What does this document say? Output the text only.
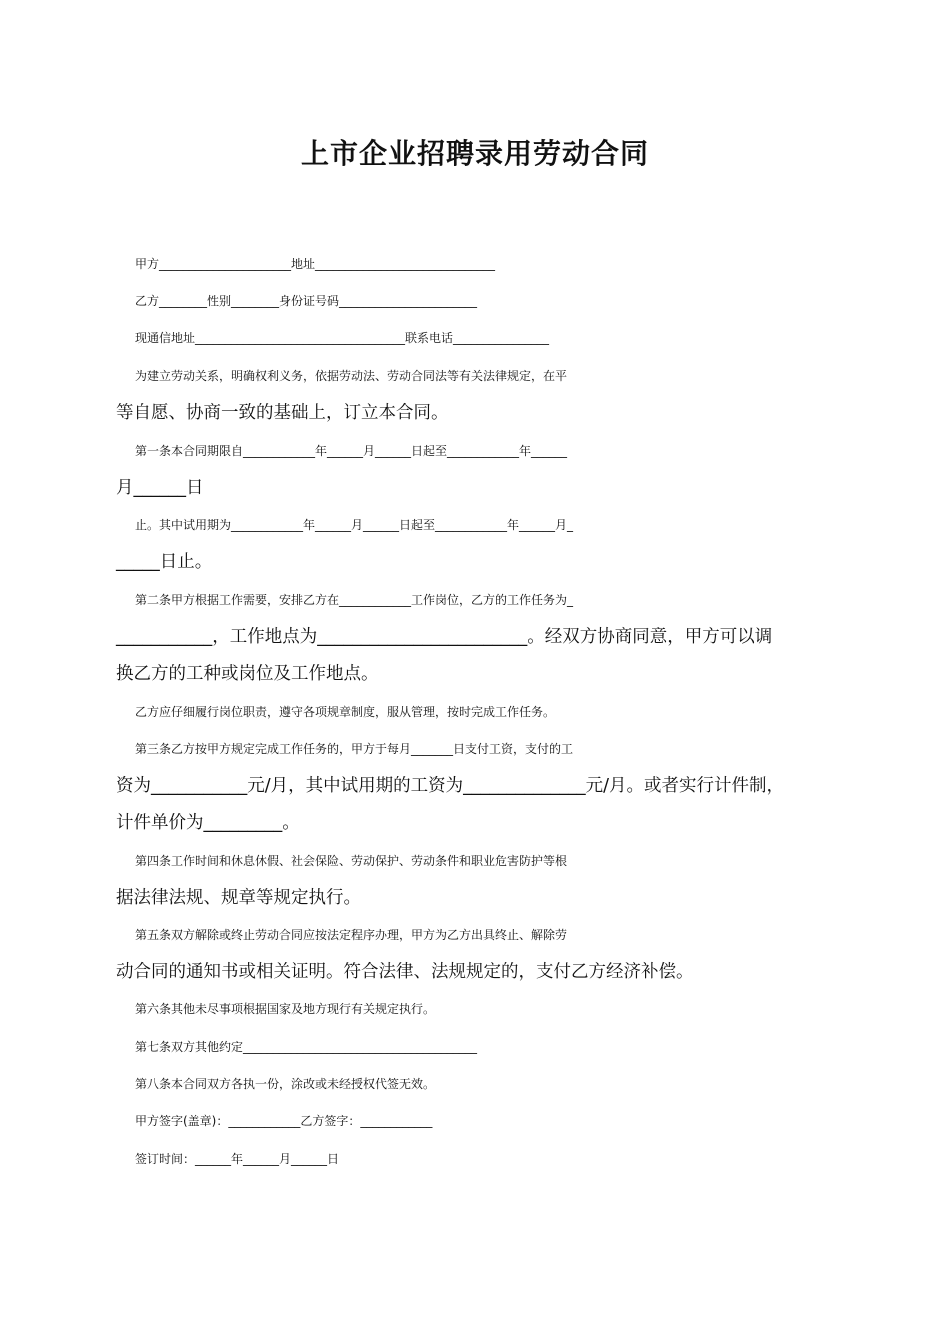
上市企业招聘录用劳动合同
甲方______________________地址______________________________
乙方________性别________身份证号码_______________________
现通信地址___________________________________联系电话________________
为建立劳动关系，明确权利义务，依据劳动法、劳动合同法等有关法律规定，在平
等自愿、协商一致的基础上，订立本合同。
第一条本合同期限自____________年______月______日起至____________年______
月______日
止。其中试用期为____________年______月______日起至____________年______月_
_____日止。
第二条甲方根据工作需要，安排乙方在____________工作岗位，乙方的工作任务为_
___________，工作地点为________________________。经双方协商同意，甲方可以调
换乙方的工种或岗位及工作地点。
乙方应仔细履行岗位职责，遵守各项规章制度，服从管理，按时完成工作任务。
第三条乙方按甲方规定完成工作任务的，甲方于每月_______日支付工资，支付的工
资为___________元/月，其中试用期的工资为______________元/月。或者实行计件制，
计件单价为_________。
第四条工作时间和休息休假、社会保险、劳动保护、劳动条件和职业危害防护等根
据法律法规、规章等规定执行。
第五条双方解除或终止劳动合同应按法定程序办理，甲方为乙方出具终止、解除劳
动合同的通知书或相关证明。符合法律、法规规定的，支付乙方经济补偿。
第六条其他未尽事项根据国家及地方现行有关规定执行。
第七条双方其他约定_______________________________________
第八条本合同双方各执一份，涂改或未经授权代签无效。
甲方签字(盖章)：____________乙方签字：____________
签订时间：______年______月______日
